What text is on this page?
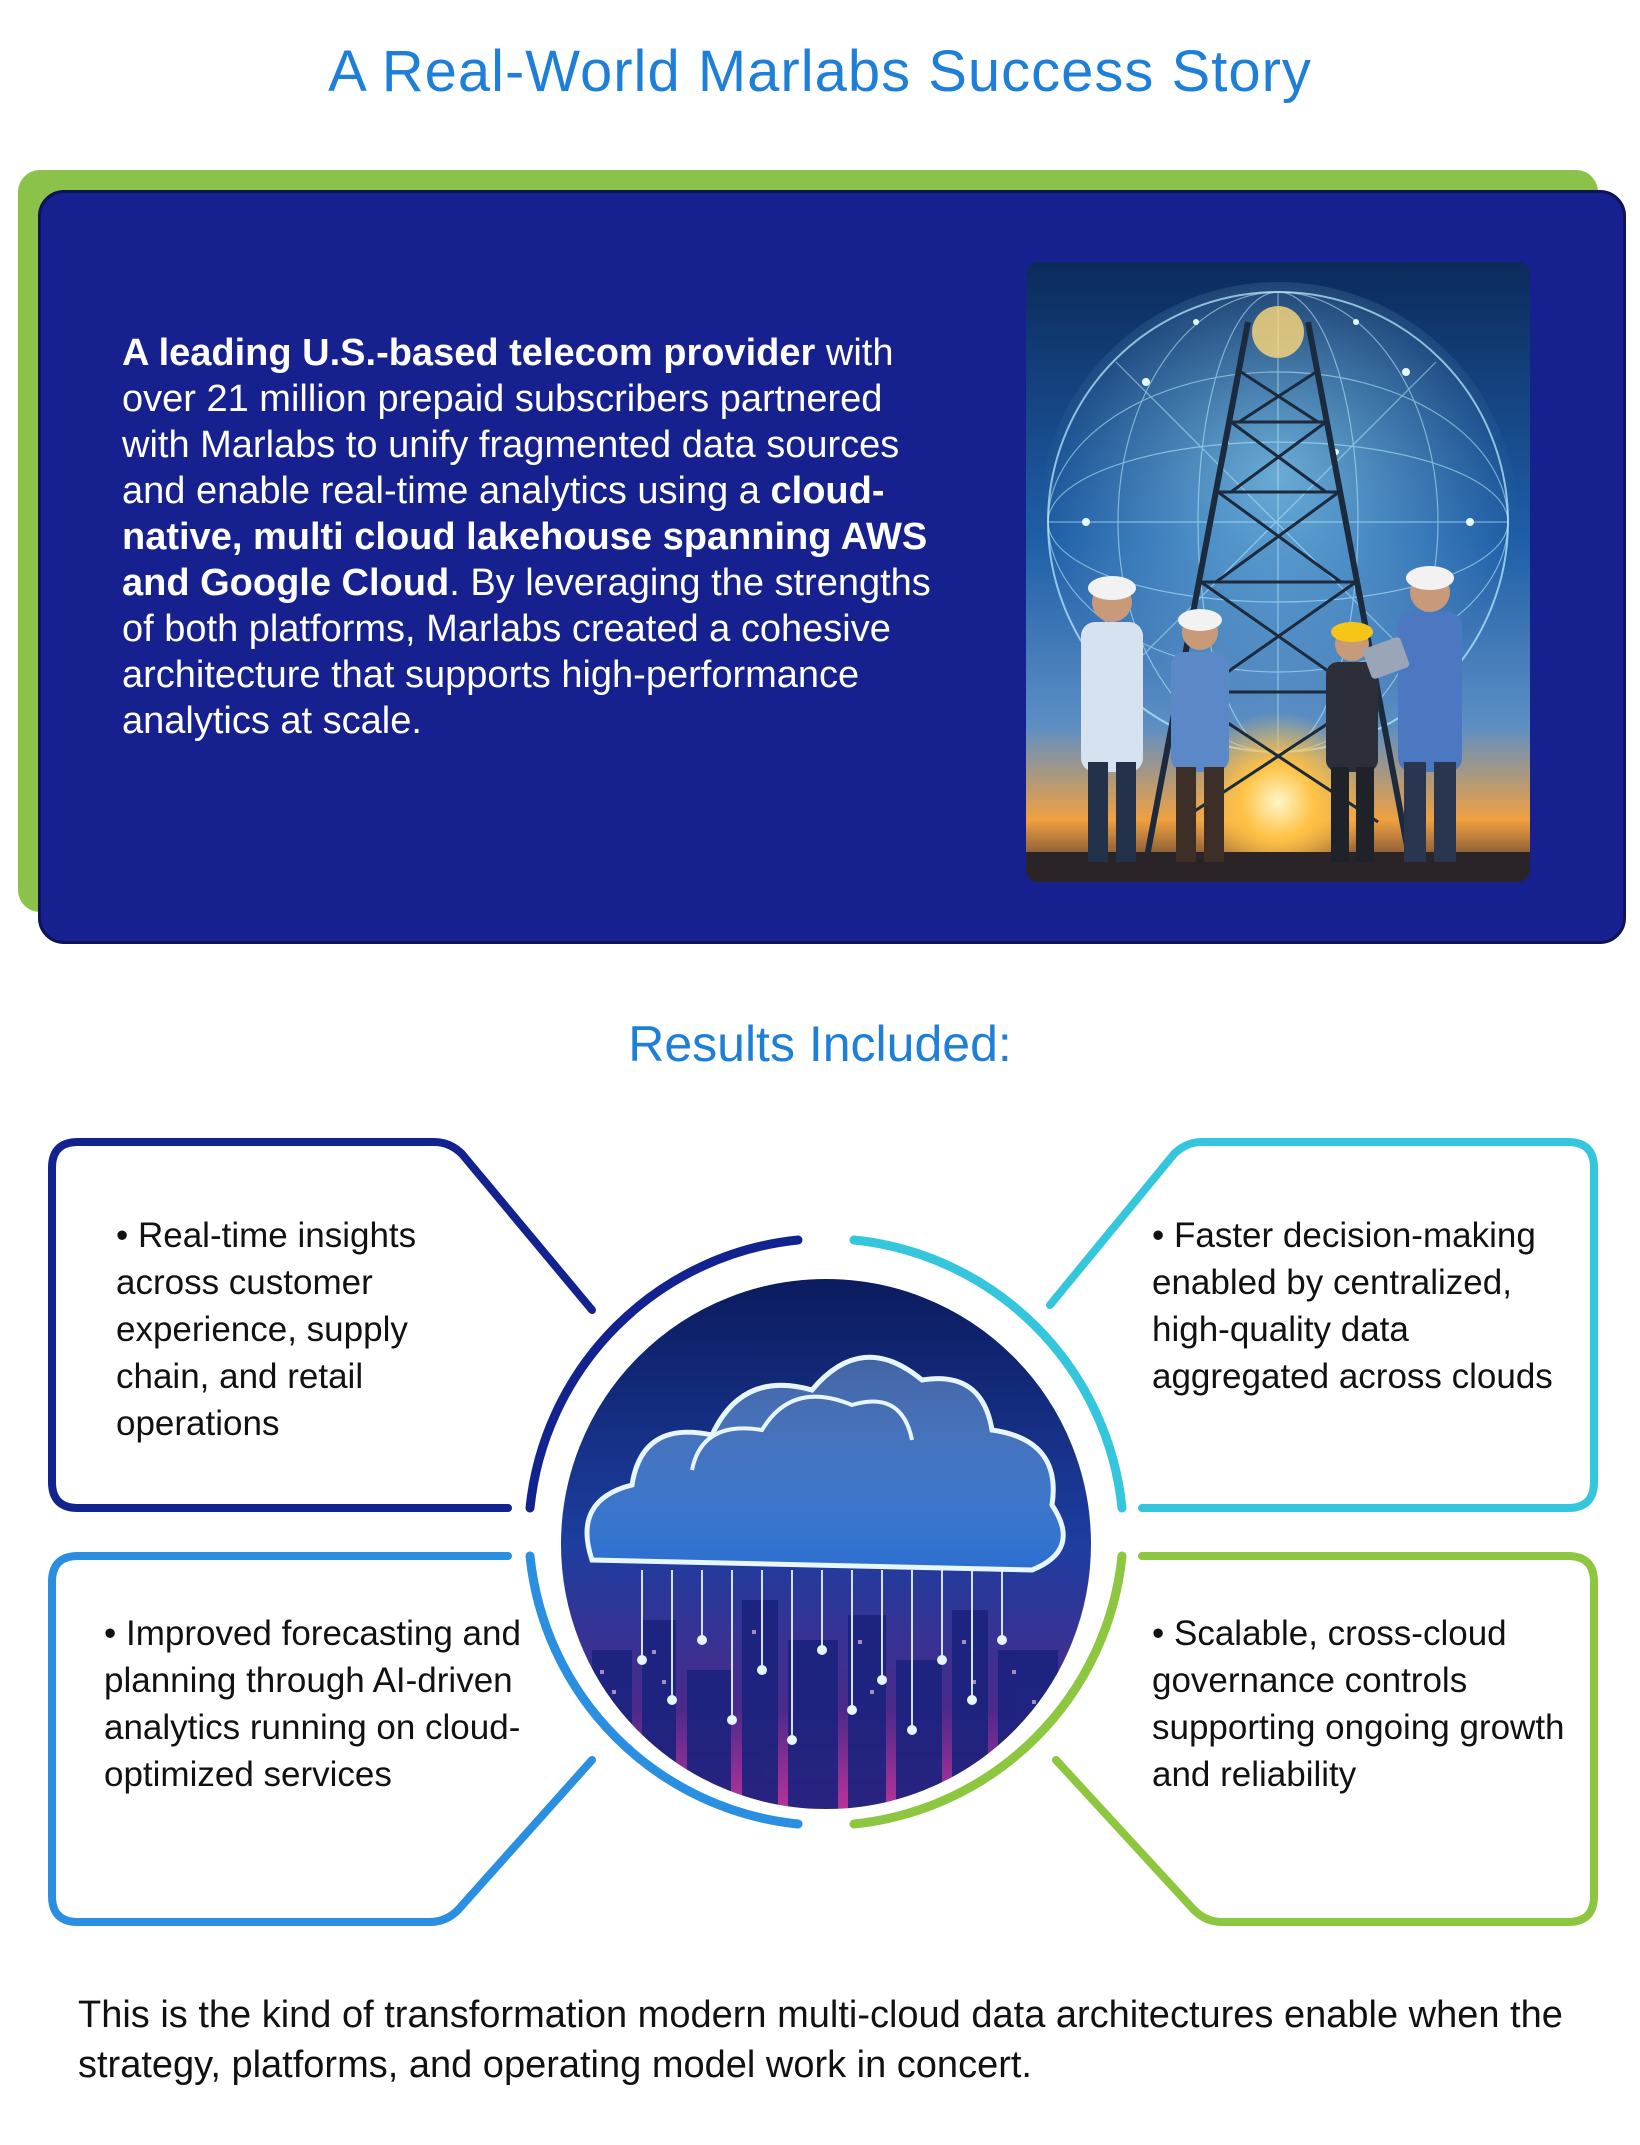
A Real-World Marlabs Success Story
A leading U.S.-based telecom provider with over 21 million prepaid subscribers partnered with Marlabs to unify fragmented data sources and enable real-time analytics using a cloud-native, multi cloud lakehouse spanning AWS and Google Cloud. By leveraging the strengths of both platforms, Marlabs created a cohesive architecture that supports high-performance analytics at scale.
Results Included:
• Real-time insights across customer experience, supply chain, and retail operations
• Faster decision-making enabled by centralized, high-quality data aggregated across clouds
• Improved forecasting and planning through AI-driven analytics running on cloud-optimized services
• Scalable, cross-cloud governance controls supporting ongoing growth and reliability
This is the kind of transformation modern multi-cloud data architectures enable when the strategy, platforms, and operating model work in concert.
